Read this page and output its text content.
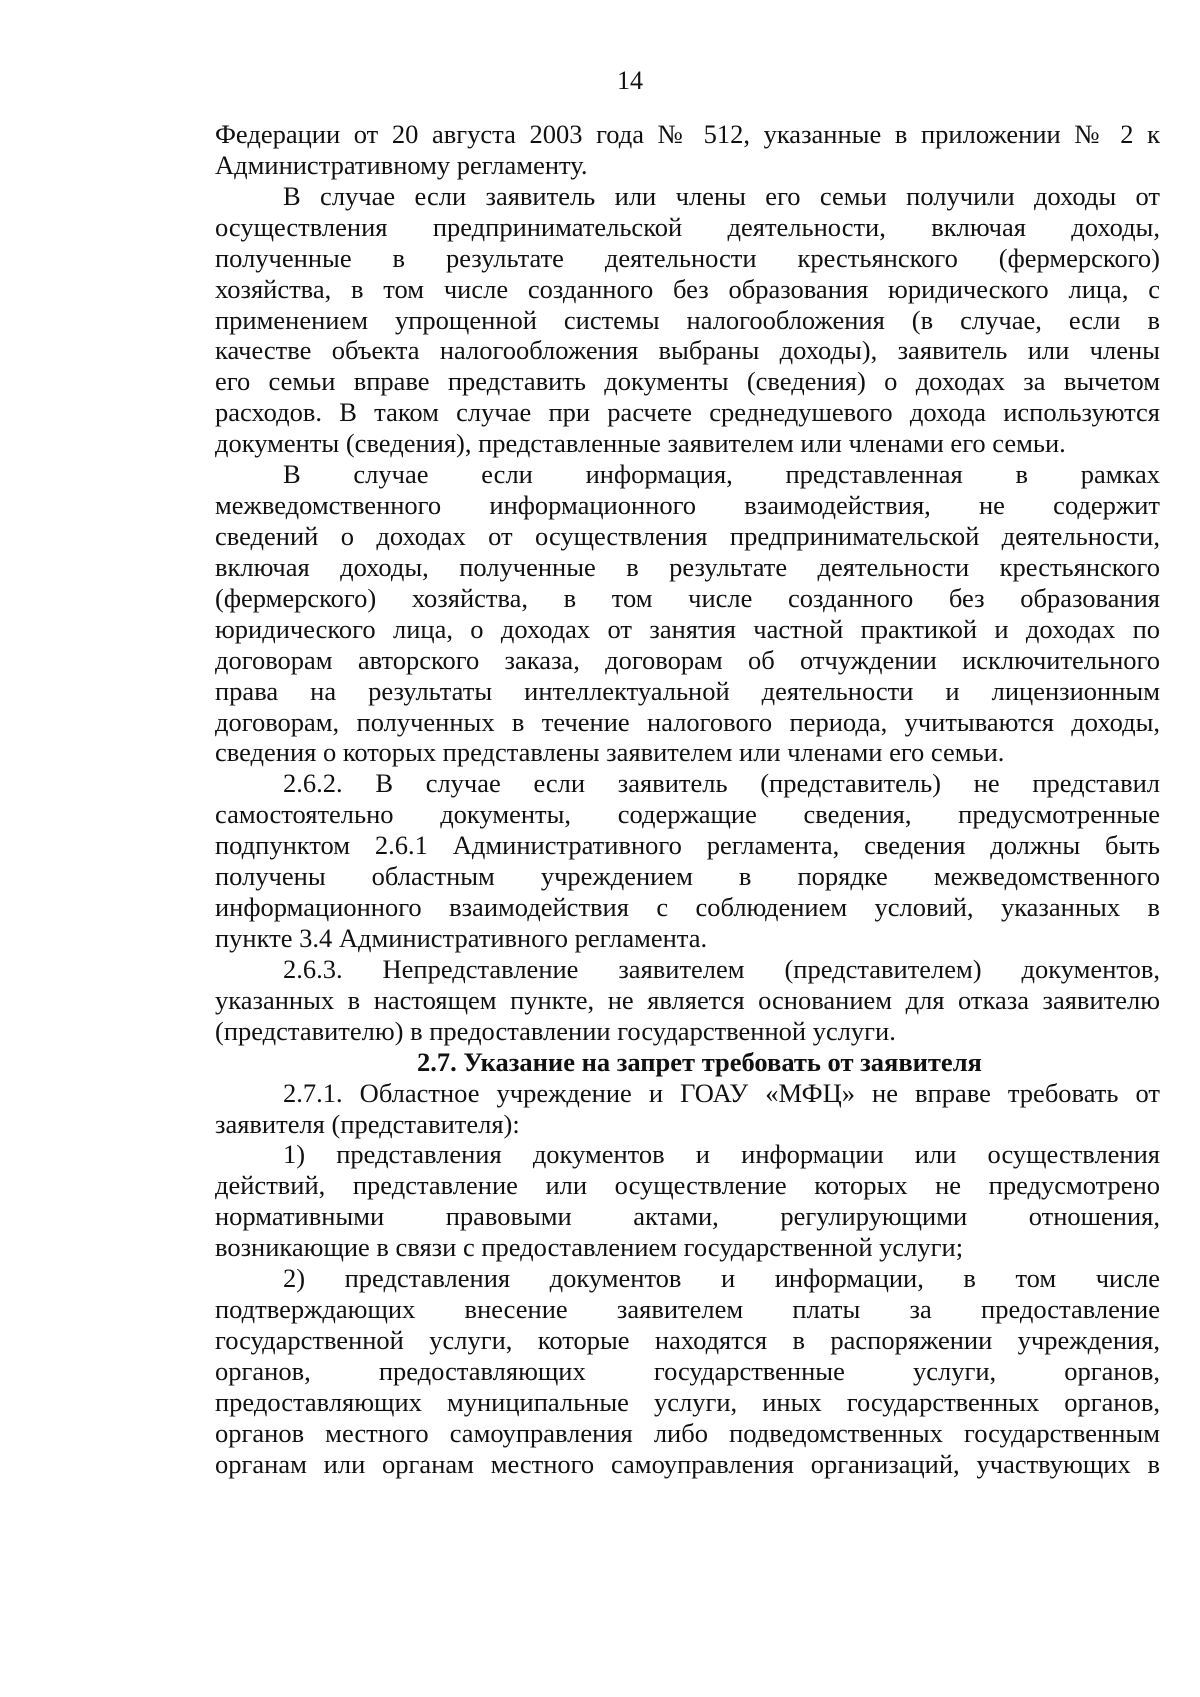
14
Федерации от 20 августа 2003 года № 512, указанные в приложении № 2 к
Административному регламенту.
В случае если заявитель или члены его семьи получили доходы от
осуществления предпринимательской деятельности, включая доходы,
полученные в результате деятельности крестьянского (фермерского)
хозяйства, в том числе созданного без образования юридического лица, с
применением упрощенной системы налогообложения (в случае, если в
качестве объекта налогообложения выбраны доходы), заявитель или члены
его семьи вправе представить документы (сведения) о доходах за вычетом
расходов. В таком случае при расчете среднедушевого дохода используются
документы (сведения), представленные заявителем или членами его семьи.
В случае если информация, представленная в рамках
межведомственного информационного взаимодействия, не содержит
сведений о доходах от осуществления предпринимательской деятельности,
включая доходы, полученные в результате деятельности крестьянского
(фермерского) хозяйства, в том числе созданного без образования
юридического лица, о доходах от занятия частной практикой и доходах по
договорам авторского заказа, договорам об отчуждении исключительного
права на результаты интеллектуальной деятельности и лицензионным
договорам, полученных в течение налогового периода, учитываются доходы,
сведения о которых представлены заявителем или членами его семьи.
2.6.2. В случае если заявитель (представитель) не представил
самостоятельно документы, содержащие сведения, предусмотренные
подпунктом 2.6.1 Административного регламента, сведения должны быть
получены областным учреждением в порядке межведомственного
информационного взаимодействия с соблюдением условий, указанных в
пункте 3.4 Административного регламента.
2.6.3. Непредставление заявителем (представителем) документов,
указанных в настоящем пункте, не является основанием для отказа заявителю
(представителю) в предоставлении государственной услуги.
2.7. Указание на запрет требовать от заявителя
2.7.1. Областное учреждение и ГОАУ «МФЦ» не вправе требовать от
заявителя (представителя):
1) представления документов и информации или осуществления
действий, представление или осуществление которых не предусмотрено
нормативными правовыми актами, регулирующими отношения,
возникающие в связи с предоставлением государственной услуги;
2) представления документов и информации, в том числе
подтверждающих внесение заявителем платы за предоставление
государственной услуги, которые находятся в распоряжении учреждения,
органов, предоставляющих государственные услуги, органов,
предоставляющих муниципальные услуги, иных государственных органов,
органов местного самоуправления либо подведомственных государственным
органам или органам местного самоуправления организаций, участвующих в
